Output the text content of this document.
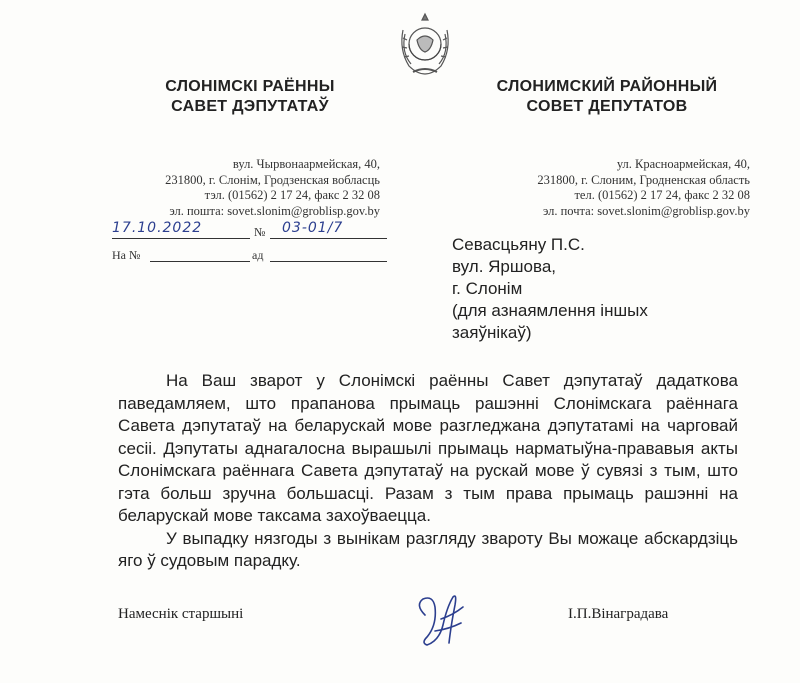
СЛОНІМСКІ РАЁННЫ
САВЕТ ДЭПУТАТАЎ
СЛОНИМСКИЙ РАЙОННЫЙ
СОВЕТ ДЕПУТАТОВ
вул. Чырвонаармейская, 40,
231800, г. Слонім, Гродзенская вобласць
тэл. (01562) 2 17 24, факс 2 32 08
эл. пошта: sovet.slonim@groblisp.gov.by
ул. Красноармейская, 40,
231800, г. Слоним, Гродненская область
тел. (01562) 2 17 24, факс 2 32 08
эл. почта: sovet.slonim@groblisp.gov.by
17.10.2022	№ 03-01/7
На №	ад
Севасцьяну П.С.
вул. Яршова,
г. Слонім
(для азнаямлення іншых
заяўнікаў)

На Ваш зварот у Слонімскі раённы Савет дэпутатаў дадаткова паведамляем, што прапанова прымаць рашэнні Слонімскага раённага Савета дэпутатаў на беларускай мове разгледжана дэпутатамі на чарговай сесіі. Дэпутаты аднагалосна вырашылі прымаць нарматыўна-прававыя акты Слонімскага раённага Савета дэпутатаў на рускай мове ў сувязі з тым, што гэта больш зручна большасці. Разам з тым права прымаць рашэнні на беларускай мове таксама захоўваецца.

У выпадку нязгоды з вынікам разгляду звароту Вы можаце абскардзіць яго ў судовым парадку.

Намеснік старшыні	І.П.Вінаградава
